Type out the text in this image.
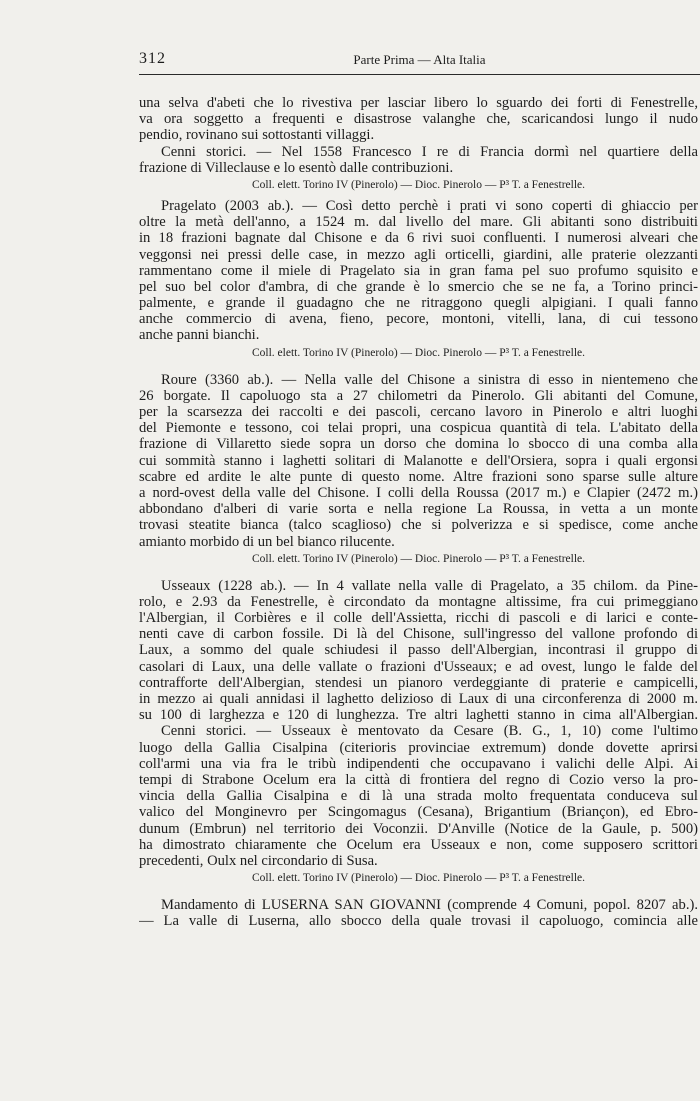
312	Parte Prima — Alta Italia
una selva d'abeti che lo rivestiva per lasciar libero lo sguardo dei forti di Fenestrelle,
va ora soggetto a frequenti e disastrose valanghe che, scaricandosi lungo il nudo
pendio, rovinano sui sottostanti villaggi.
Cenni storici. — Nel 1558 Francesco I re di Francia dormì nel quartiere della
frazione di Villeclause e lo esentò dalle contribuzioni.
Coll. elett. Torino IV (Pinerolo) — Dioc. Pinerolo — P³ T. a Fenestrelle.
Pragelato (2003 ab.). — Così detto perchè i prati vi sono coperti di ghiaccio per
oltre la metà dell'anno, a 1524 m. dal livello del mare. Gli abitanti sono distribuiti
in 18 frazioni bagnate dal Chisone e da 6 rivi suoi confluenti. I numerosi alveari che
veggonsi nei pressi delle case, in mezzo agli orticelli, giardini, alle praterie olezzanti
rammentano come il miele di Pragelato sia in gran fama pel suo profumo squisito e
pel suo bel color d'ambra, di che grande è lo smercio che se ne fa, a Torino princi-
palmente, e grande il guadagno che ne ritraggono quegli alpigiani. I quali fanno
anche commercio di avena, fieno, pecore, montoni, vitelli, lana, di cui tessono
anche panni bianchi.
Coll. elett. Torino IV (Pinerolo) — Dioc. Pinerolo — P³ T. a Fenestrelle.
Roure (3360 ab.). — Nella valle del Chisone a sinistra di esso in nientemeno che
26 borgate. Il capoluogo sta a 27 chilometri da Pinerolo. Gli abitanti del Comune,
per la scarsezza dei raccolti e dei pascoli, cercano lavoro in Pinerolo e altri luoghi
del Piemonte e tessono, coi telai propri, una cospicua quantità di tela. L'abitato della
frazione di Villaretto siede sopra un dorso che domina lo sbocco di una comba alla
cui sommità stanno i laghetti solitari di Malanotte e dell'Orsiera, sopra i quali ergonsi
scabre ed ardite le alte punte di questo nome. Altre frazioni sono sparse sulle alture
a nord-ovest della valle del Chisone. I colli della Roussa (2017 m.) e Clapier (2472 m.)
abbondano d'alberi di varie sorta e nella regione La Roussa, in vetta a un monte
trovasi steatite bianca (talco scaglioso) che si polverizza e si spedisce, come anche
amianto morbido di un bel bianco rilucente.
Coll. elett. Torino IV (Pinerolo) — Dioc. Pinerolo — P³ T. a Fenestrelle.
Usseaux (1228 ab.). — In 4 vallate nella valle di Pragelato, a 35 chilom. da Pine-
rolo, e 2.93 da Fenestrelle, è circondato da montagne altissime, fra cui primeggiano
l'Albergian, il Corbières e il colle dell'Assietta, ricchi di pascoli e di larici e conte-
nenti cave di carbon fossile. Di là del Chisone, sull'ingresso del vallone profondo di
Laux, a sommo del quale schiudesi il passo dell'Albergian, incontrasi il gruppo di
casolari di Laux, una delle vallate o frazioni d'Usseaux; e ad ovest, lungo le falde del
contrafforte dell'Albergian, stendesi un pianoro verdeggiante di praterie e campicelli,
in mezzo ai quali annidasi il laghetto delizioso di Laux di una circonferenza di 2000 m.
su 100 di larghezza e 120 di lunghezza. Tre altri laghetti stanno in cima all'Albergian.
Cenni storici. — Usseaux è mentovato da Cesare (B. G., 1, 10) come l'ultimo
luogo della Gallia Cisalpina (citerioris provinciae extremum) donde dovette aprirsi
coll'armi una via fra le tribù indipendenti che occupavano i valichi delle Alpi. Ai
tempi di Strabone Ocelum era la città di frontiera del regno di Cozio verso la pro-
vincia della Gallia Cisalpina e di là una strada molto frequentata conduceva sul
valico del Monginevro per Scingomagus (Cesana), Brigantium (Briançon), ed Ebro-
dunum (Embrun) nel territorio dei Voconzii. D'Anville (Notice de la Gaule, p. 500)
ha dimostrato chiaramente che Ocelum era Usseaux e non, come supposero scrittori
precedenti, Oulx nel circondario di Susa.
Coll. elett. Torino IV (Pinerolo) — Dioc. Pinerolo — P³ T. a Fenestrelle.
Mandamento di LUSERNA SAN GIOVANNI (comprende 4 Comuni, popol. 8207 ab.).
— La valle di Luserna, allo sbocco della quale trovasi il capoluogo, comincia alle
